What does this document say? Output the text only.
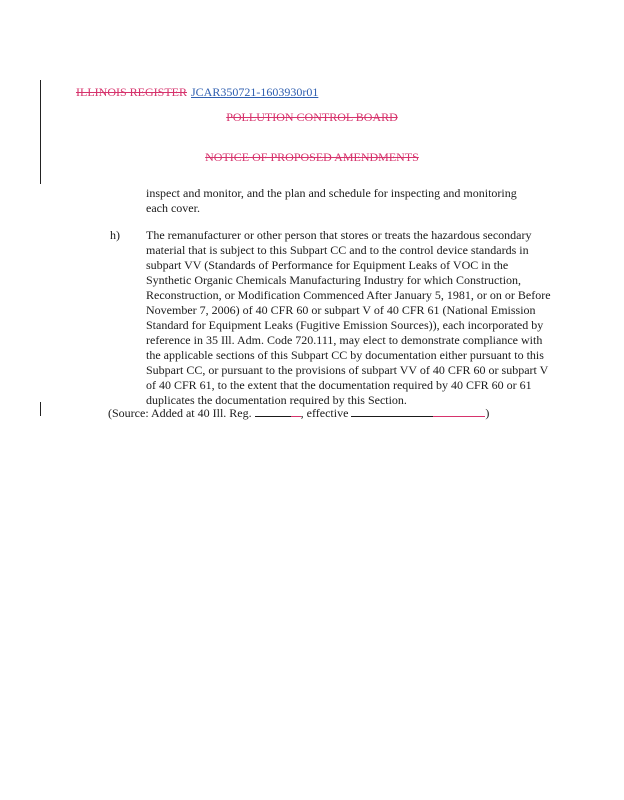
ILLINOIS REGISTER JCAR350721-1603930r01
POLLUTION CONTROL BOARD
NOTICE OF PROPOSED AMENDMENTS
inspect and monitor, and the plan and schedule for inspecting and monitoring each cover.
h) The remanufacturer or other person that stores or treats the hazardous secondary material that is subject to this Subpart CC and to the control device standards in subpart VV (Standards of Performance for Equipment Leaks of VOC in the Synthetic Organic Chemicals Manufacturing Industry for which Construction, Reconstruction, or Modification Commenced After January 5, 1981, or on or Before November 7, 2006) of 40 CFR 60 or subpart V of 40 CFR 61 (National Emission Standard for Equipment Leaks (Fugitive Emission Sources)), each incorporated by reference in 35 Ill. Adm. Code 720.111, may elect to demonstrate compliance with the applicable sections of this Subpart CC by documentation either pursuant to this Subpart CC, or pursuant to the provisions of subpart VV of 40 CFR 60 or subpart V of 40 CFR 61, to the extent that the documentation required by 40 CFR 60 or 61 duplicates the documentation required by this Section.
(Source: Added at 40 Ill. Reg.	, effective	)
